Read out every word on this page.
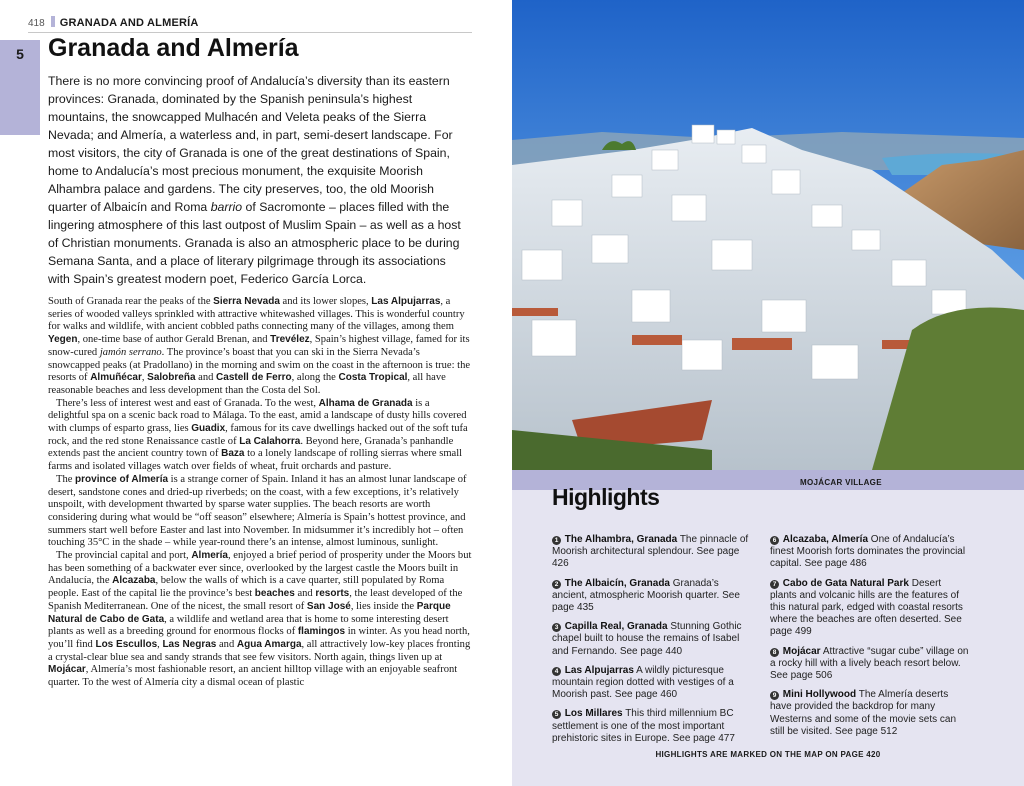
418 GRANADA AND ALMERÍA
5 Granada and Almería

There is no more convincing proof of Andalucía’s diversity than its eastern provinces: Granada, dominated by the Spanish peninsula’s highest mountains, the snowcapped Mulhacén and Veleta peaks of the Sierra Nevada; and Almería, a waterless and, in part, semi-desert landscape. For most visitors, the city of Granada is one of the great destinations of Spain, home to Andalucía’s most precious monument, the exquisite Moorish Alhambra palace and gardens. The city preserves, too, the old Moorish quarter of Albaicín and Roma barrio of Sacromonte – places filled with the lingering atmosphere of this last outpost of Muslim Spain – as well as a host of Christian monuments. Granada is also an atmospheric place to be during Semana Santa, and a place of literary pilgrimage through its associations with Spain’s greatest modern poet, Federico García Lorca.

South of Granada rear the peaks of the Sierra Nevada and its lower slopes, Las Alpujarras, a series of wooded valleys sprinkled with attractive whitewashed villages. This is wonderful country for walks and wildlife, with ancient cobbled paths connecting many of the villages, among them Yegen, one-time base of author Gerald Brenan, and Trevélez, Spain’s highest village, famed for its snow-cured jamón serrano. The province’s boast that you can ski in the Sierra Nevada’s snowcapped peaks (at Pradollano) in the morning and swim on the coast in the afternoon is true: the resorts of Almuñécar, Salobreña and Castell de Ferro, along the Costa Tropical, all have reasonable beaches and less development than the Costa del Sol.

There’s less of interest west and east of Granada. To the west, Alhama de Granada is a delightful spa on a scenic back road to Málaga. To the east, amid a landscape of dusty hills covered with clumps of esparto grass, lies Guadix, famous for its cave dwellings hacked out of the soft tufa rock, and the red stone Renaissance castle of La Calahorra. Beyond here, Granada’s panhandle extends past the ancient country town of Baza to a lonely landscape of rolling sierras where small farms and isolated villages watch over fields of wheat, fruit orchards and pasture.

The province of Almería is a strange corner of Spain. Inland it has an almost lunar landscape of desert, sandstone cones and dried-up riverbeds; on the coast, with a few exceptions, it’s relatively unspoilt, with development thwarted by sparse water supplies. The beach resorts are worth considering during what would be “off season” elsewhere; Almería is Spain’s hottest province, and summers start well before Easter and last into November. In midsummer it’s incredibly hot – often touching 35°C in the shade – while year-round there’s an intense, almost luminous, sunlight.

The provincial capital and port, Almería, enjoyed a brief period of prosperity under the Moors but has been something of a backwater ever since, overlooked by the largest castle the Moors built in Andalucía, the Alcazaba, below the walls of which is a cave quarter, still populated by Roma people. East of the capital lie the province’s best beaches and resorts, the least developed of the Spanish Mediterranean. One of the nicest, the small resort of San José, lies inside the Parque Natural de Cabo de Gata, a wildlife and wetland area that is home to some interesting desert plants as well as a breeding ground for enormous flocks of flamingos in winter. As you head north, you’ll find Los Escullos, Las Negras and Agua Amarga, all attractively low-key places fronting a crystal-clear blue sea and sandy strands that see few visitors. North again, things liven up at Mojácar, Almería’s most fashionable resort, an ancient hilltop village with an enjoyable seafront quarter. To the west of Almería city a dismal ocean of plastic

MOJÁCAR VILLAGE
Highlights

1 The Alhambra, Granada The pinnacle of Moorish architectural splendour. See page 426

2 The Albaicín, Granada Granada’s ancient, atmospheric Moorish quarter. See page 435

3 Capilla Real, Granada Stunning Gothic chapel built to house the remains of Isabel and Fernando. See page 440

4 Las Alpujarras A wildly picturesque mountain region dotted with vestiges of a Moorish past. See page 460

5 Los Millares This third millennium BC settlement is one of the most important prehistoric sites in Europe. See page 477

6 Alcazaba, Almería One of Andalucía’s finest Moorish forts dominates the provincial capital. See page 486

7 Cabo de Gata Natural Park Desert plants and volcanic hills are the features of this natural park, edged with coastal resorts where the beaches are often deserted. See page 499

8 Mojácar Attractive “sugar cube” village on a rocky hill with a lively beach resort below. See page 506

9 Mini Hollywood The Almería deserts have provided the backdrop for many Westerns and some of the movie sets can still be visited. See page 512

HIGHLIGHTS ARE MARKED ON THE MAP ON PAGE 420
